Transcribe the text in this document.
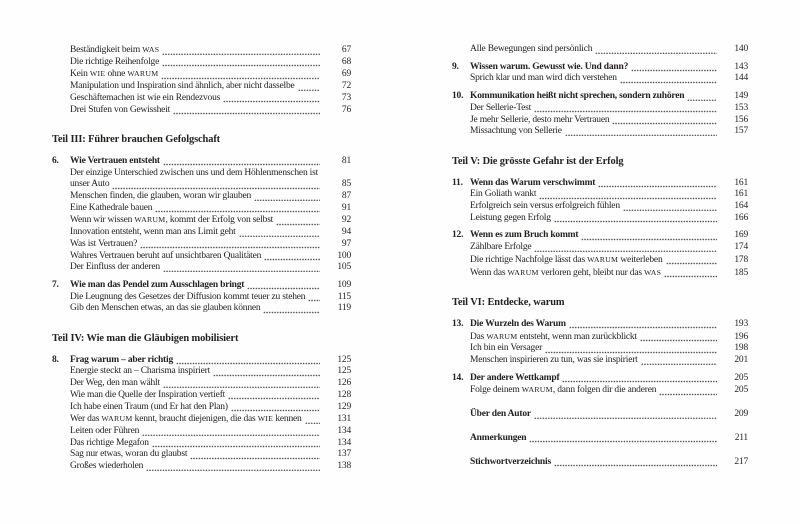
Beständigkeit beim WAS	67
Die richtige Reihenfolge	68
Kein WIE ohne WARUM	69
Manipulation und Inspiration sind ähnlich, aber nicht dasselbe	72
Geschäftemachen ist wie ein Rendezvous	73
Drei Stufen von Gewissheit	76
Teil III: Führer brauchen Gefolgschaft
6.	Wie Vertrauen entsteht	81
Der einzige Unterschied zwischen uns und dem Höhlenmenschen ist
unser Auto	85
Menschen finden, die glauben, woran wir glauben	87
Eine Kathedrale bauen	91
Wenn wir wissen WARUM, kommt der Erfolg von selbst	92
Innovation entsteht, wenn man ans Limit geht	94
Was ist Vertrauen?	97
Wahres Vertrauen beruht auf unsichtbaren Qualitäten	100
Der Einfluss der anderen	105
7.	Wie man das Pendel zum Ausschlagen bringt	109
Die Leugnung des Gesetzes der Diffusion kommt teuer zu stehen	115
Gib den Menschen etwas, an das sie glauben können	119
Teil IV: Wie man die Gläubigen mobilisiert
8.	Frag warum – aber richtig	125
Energie steckt an – Charisma inspiriert	125
Der Weg, den man wählt	126
Wie man die Quelle der Inspiration vertieft	128
Ich habe einen Traum (und Er hat den Plan)	129
Wer das WARUM kennt, braucht diejenigen, die das WIE kennen	131
Leiten oder Führen	134
Das richtige Megafon	134
Sag nur etwas, woran du glaubst	137
Großes wiederholen	138
Alle Bewegungen sind persönlich	140
9.	Wissen warum. Gewusst wie. Und dann?	143
Sprich klar und man wird dich verstehen	144
10. Kommunikation heißt nicht sprechen, sondern zuhören	149
Der Sellerie-Test	153
Je mehr Sellerie, desto mehr Vertrauen	156
Missachtung von Sellerie	157
Teil V: Die grösste Gefahr ist der Erfolg
11. Wenn das Warum verschwimmt	161
Ein Goliath wankt	161
Erfolgreich sein versus erfolgreich fühlen	164
Leistung gegen Erfolg	166
12. Wenn es zum Bruch kommt	169
Zählbare Erfolge	174
Die richtige Nachfolge lässt das WARUM weiterleben	178
Wenn das WARUM verloren geht, bleibt nur das WAS	185
Teil VI: Entdecke, warum
13. Die Wurzeln des Warum	193
Das WARUM entsteht, wenn man zurückblickt	196
Ich bin ein Versager	198
Menschen inspirieren zu tun, was sie inspiriert	201
14. Der andere Wettkampf	205
Folge deinem WARUM, dann folgen dir die anderen	205
Über den Autor	209
Anmerkungen	211
Stichwortverzeichnis	217
